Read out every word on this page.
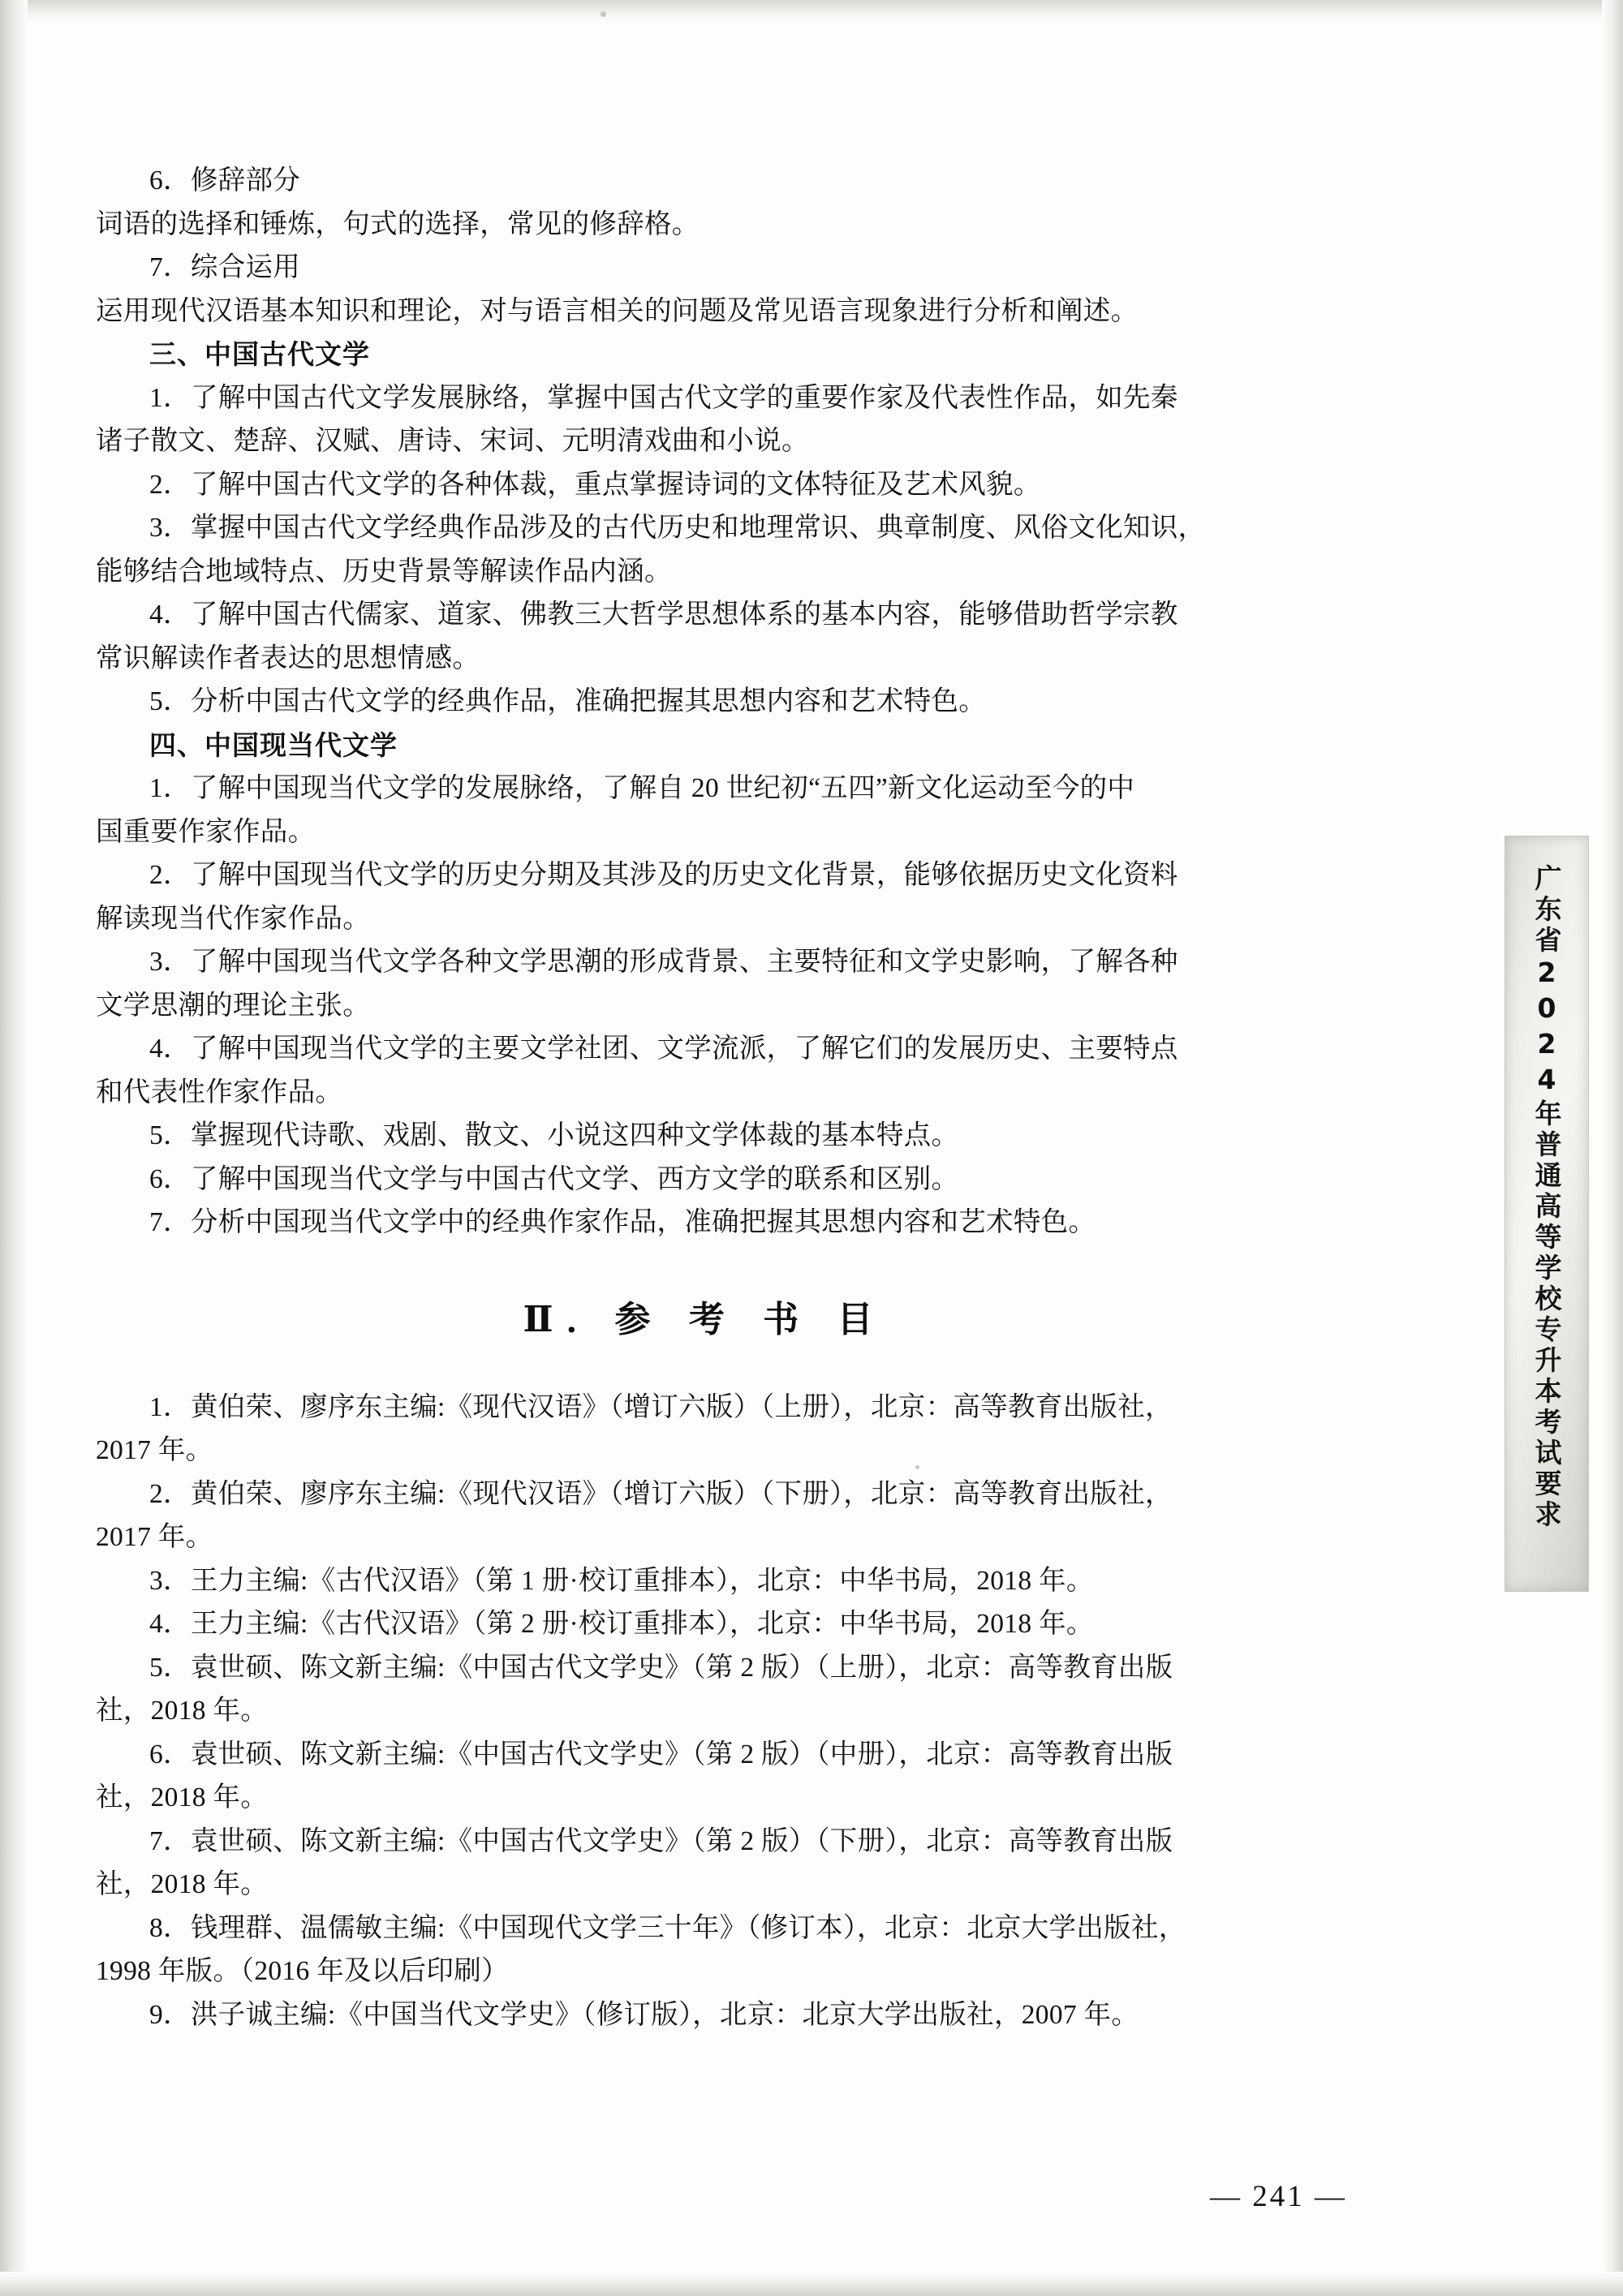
6．修辞部分

词语的选择和锤炼，句式的选择，常见的修辞格。

7．综合运用

运用现代汉语基本知识和理论，对与语言相关的问题及常见语言现象进行分析和阐述。

三、中国古代文学

1．了解中国古代文学发展脉络，掌握中国古代文学的重要作家及代表性作品，如先秦

诸子散文、楚辞、汉赋、唐诗、宋词、元明清戏曲和小说。

2．了解中国古代文学的各种体裁，重点掌握诗词的文体特征及艺术风貌。

3．掌握中国古代文学经典作品涉及的古代历史和地理常识、典章制度、风俗文化知识，

能够结合地域特点、历史背景等解读作品内涵。

4．了解中国古代儒家、道家、佛教三大哲学思想体系的基本内容，能够借助哲学宗教

常识解读作者表达的思想情感。

5．分析中国古代文学的经典作品，准确把握其思想内容和艺术特色。

四、中国现当代文学

1．了解中国现当代文学的发展脉络，了解自 20 世纪初“五四”新文化运动至今的中

国重要作家作品。

2．了解中国现当代文学的历史分期及其涉及的历史文化背景，能够依据历史文化资料

解读现当代作家作品。

3．了解中国现当代文学各种文学思潮的形成背景、主要特征和文学史影响，了解各种

文学思潮的理论主张。

4．了解中国现当代文学的主要文学社团、文学流派，了解它们的发展历史、主要特点

和代表性作家作品。

5．掌握现代诗歌、戏剧、散文、小说这四种文学体裁的基本特点。

6．了解中国现当代文学与中国古代文学、西方文学的联系和区别。

7．分析中国现当代文学中的经典作家作品，准确把握其思想内容和艺术特色。

Ⅱ．参 考 书 目

1．黄伯荣、廖序东主编:《现代汉语》（增订六版）（上册），北京：高等教育出版社，

2017 年。

2．黄伯荣、廖序东主编:《现代汉语》（增订六版）（下册），北京：高等教育出版社，

2017 年。

3．王力主编:《古代汉语》（第 1 册·校订重排本），北京：中华书局，2018 年。

4．王力主编:《古代汉语》（第 2 册·校订重排本），北京：中华书局，2018 年。

5．袁世硕、陈文新主编:《中国古代文学史》（第 2 版）（上册），北京：高等教育出版

社，2018 年。

6．袁世硕、陈文新主编:《中国古代文学史》（第 2 版）（中册），北京：高等教育出版

社，2018 年。

7．袁世硕、陈文新主编:《中国古代文学史》（第 2 版）（下册），北京：高等教育出版

社，2018 年。

8．钱理群、温儒敏主编:《中国现代文学三十年》（修订本），北京：北京大学出版社，

1998 年版。（2016 年及以后印刷）

9．洪子诚主编:《中国当代文学史》（修订版），北京：北京大学出版社，2007 年。

广东省2024年普通高等学校专升本考试要求
— 241 —
